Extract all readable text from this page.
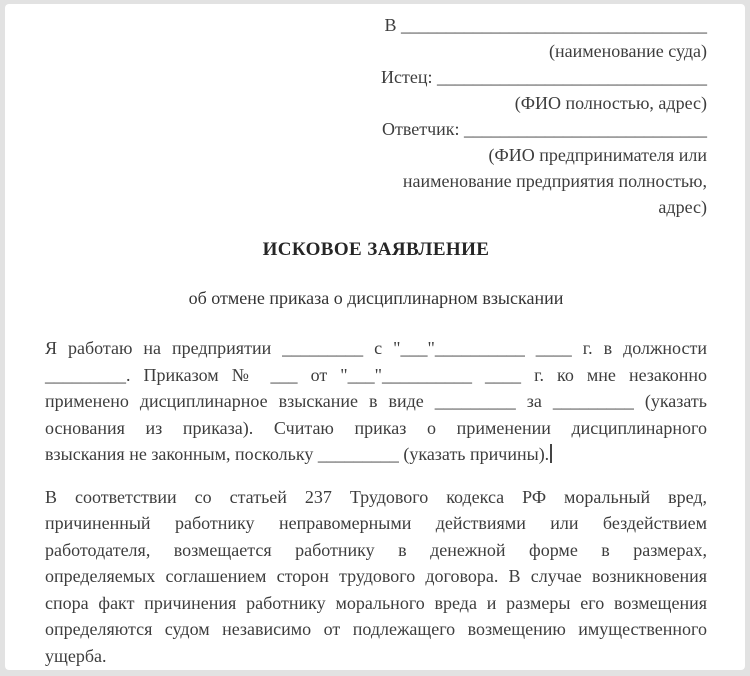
В __________________________________
(наименование суда)
Истец: ______________________________
(ФИО полностью, адрес)
Ответчик: ___________________________
(ФИО предпринимателя или
наименование предприятия полностью,
адрес)
ИСКОВОЕ ЗАЯВЛЕНИЕ
об отмене приказа о дисциплинарном взыскании
Я работаю на предприятии _________ с "___"__________ ____ г. в должности
_________. Приказом № ___ от "___"__________ ____ г. ко мне незаконно
применено дисциплинарное взыскание в виде _________ за _________ (указать
основания из приказа). Считаю приказ о применении дисциплинарного
взыскания не законным, поскольку _________ (указать причины).
В соответствии со статьей 237 Трудового кодекса РФ моральный вред,
причиненный работнику неправомерными действиями или бездействием
работодателя, возмещается работнику в денежной форме в размерах,
определяемых соглашением сторон трудового договора. В случае возникновения
спора факт причинения работнику морального вреда и размеры его возмещения
определяются судом независимо от подлежащего возмещению имущественного
ущерба.
